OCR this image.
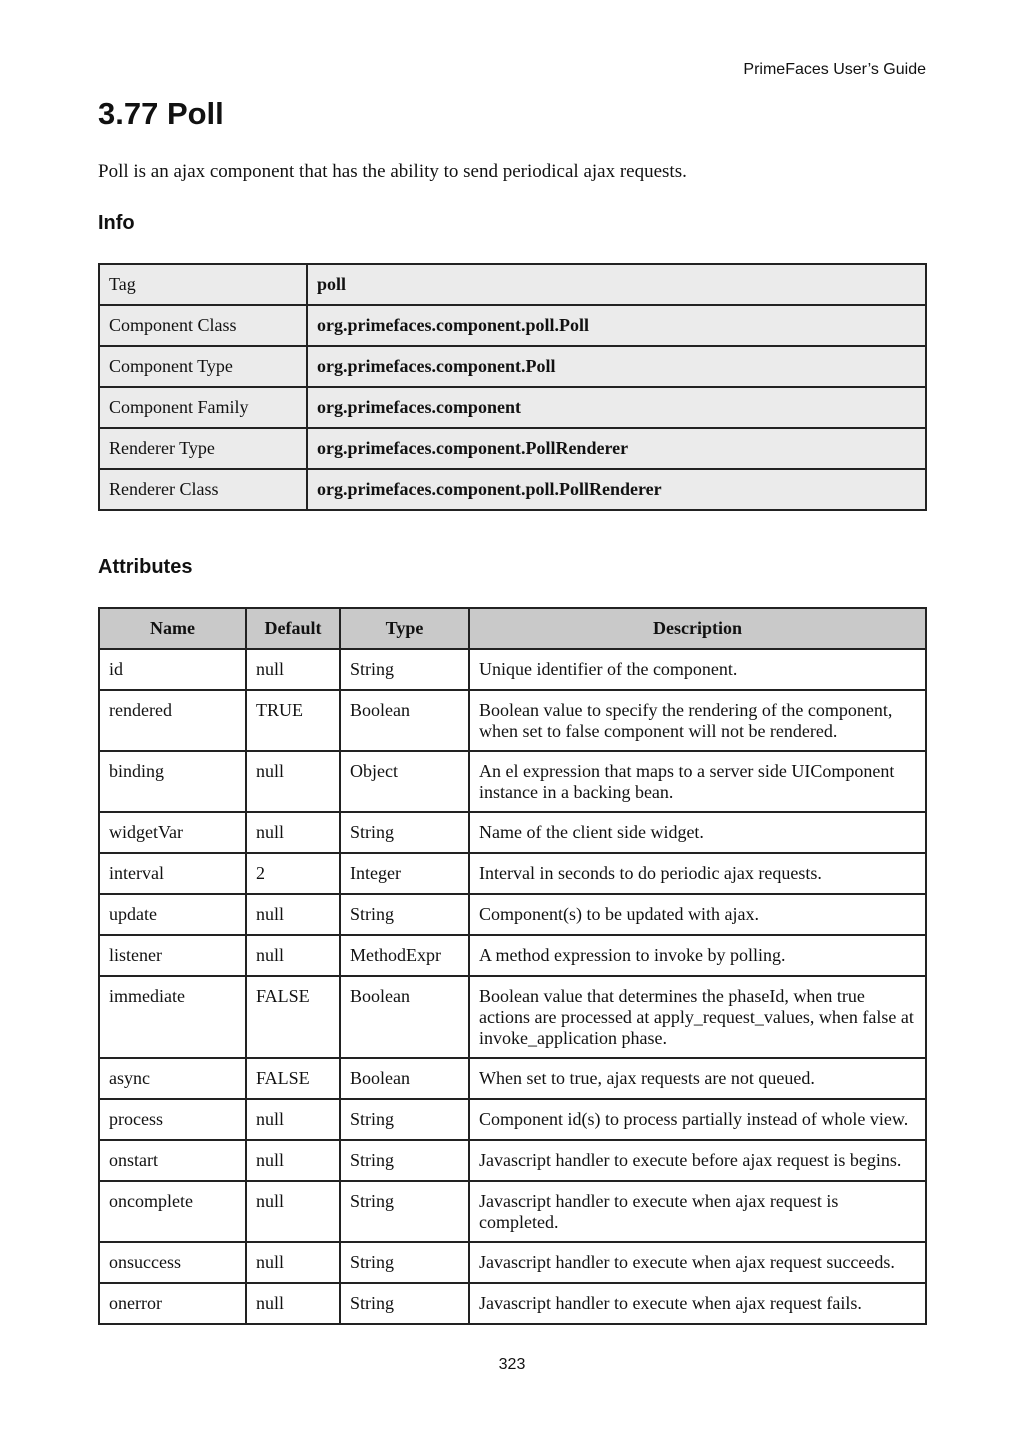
PrimeFaces User’s Guide
3.77 Poll

Poll is an ajax component that has the ability to send periodical ajax requests.

Info
Tag	poll
Component Class	org.primefaces.component.poll.Poll
Component Type	org.primefaces.component.Poll
Component Family	org.primefaces.component
Renderer Type	org.primefaces.component.PollRenderer
Renderer Class	org.primefaces.component.poll.PollRenderer
Attributes
Name	Default	Type	Description
id	null	String	Unique identifier of the component.
rendered	TRUE	Boolean	Boolean value to specify the rendering of the component, when set to false component will not be rendered.
binding	null	Object	An el expression that maps to a server side UIComponent instance in a backing bean.
widgetVar	null	String	Name of the client side widget.
interval	2	Integer	Interval in seconds to do periodic ajax requests.
update	null	String	Component(s) to be updated with ajax.
listener	null	MethodExpr	A method expression to invoke by polling.
immediate	FALSE	Boolean	Boolean value that determines the phaseId, when true actions are processed at apply_request_values, when false at invoke_application phase.
async	FALSE	Boolean	When set to true, ajax requests are not queued.
process	null	String	Component id(s) to process partially instead of whole view.
onstart	null	String	Javascript handler to execute before ajax request is begins.
oncomplete	null	String	Javascript handler to execute when ajax request is completed.
onsuccess	null	String	Javascript handler to execute when ajax request succeeds.
onerror	null	String	Javascript handler to execute when ajax request fails.
323
